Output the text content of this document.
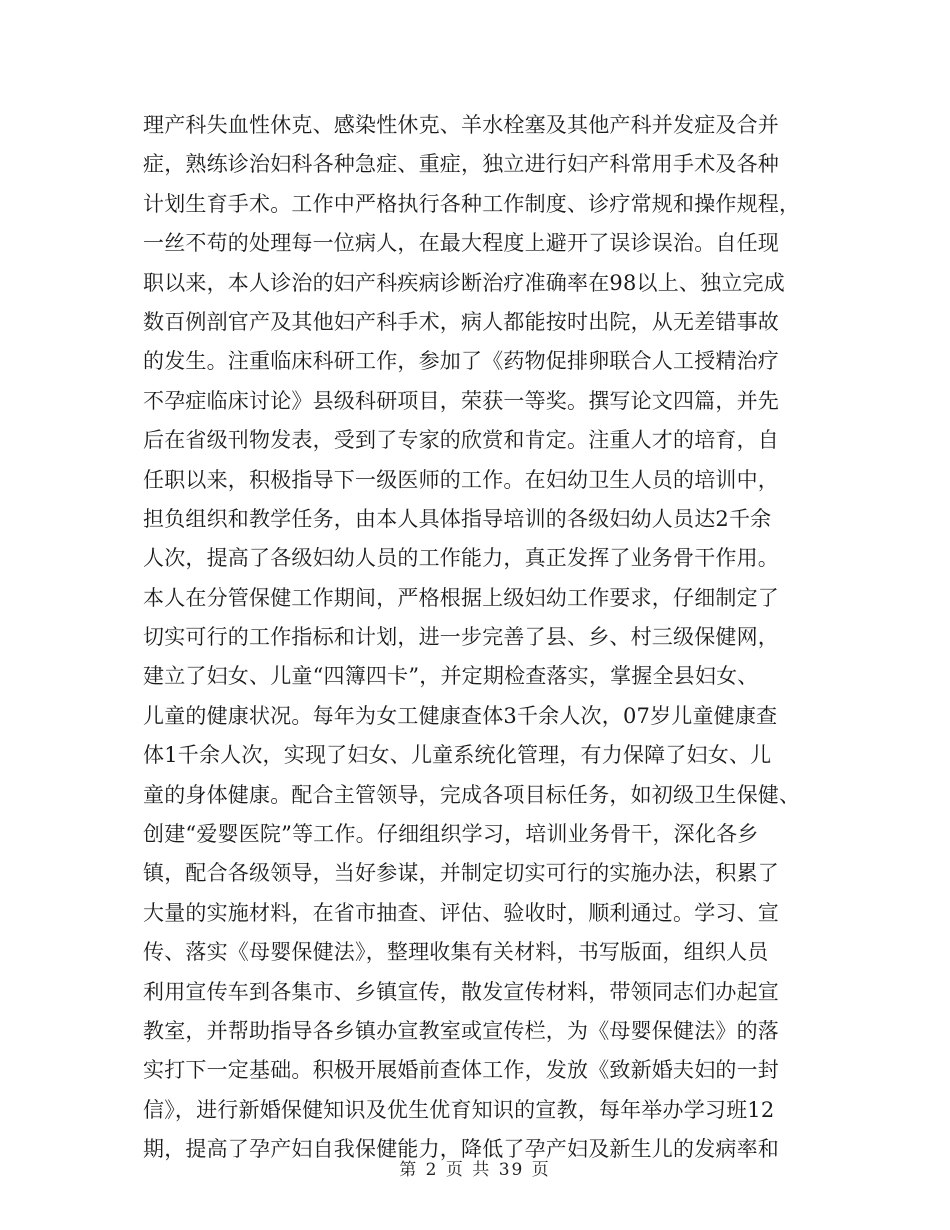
理产科失血性休克、感染性休克、羊水栓塞及其他产科并发症及合并
症，熟练诊治妇科各种急症、重症，独立进行妇产科常用手术及各种
计划生育手术。工作中严格执行各种工作制度、诊疗常规和操作规程，
一丝不苟的处理每一位病人，在最大程度上避开了误诊误治。自任现
职以来，本人诊治的妇产科疾病诊断治疗准确率在98以上、独立完成
数百例剖官产及其他妇产科手术，病人都能按时出院，从无差错事故
的发生。注重临床科研工作，参加了《药物促排卵联合人工授精治疗
不孕症临床讨论》县级科研项目，荣获一等奖。撰写论文四篇，并先
后在省级刊物发表，受到了专家的欣赏和肯定。注重人才的培育，自
任职以来，积极指导下一级医师的工作。在妇幼卫生人员的培训中，
担负组织和教学任务，由本人具体指导培训的各级妇幼人员达2千余
人次，提高了各级妇幼人员的工作能力，真正发挥了业务骨干作用。
本人在分管保健工作期间，严格根据上级妇幼工作要求，仔细制定了
切实可行的工作指标和计划，进一步完善了县、乡、村三级保健网，
建立了妇女、儿童“四簿四卡”，并定期检查落实，掌握全县妇女、
儿童的健康状况。每年为女工健康查体3千余人次，07岁儿童健康查
体1千余人次，实现了妇女、儿童系统化管理，有力保障了妇女、儿
童的身体健康。配合主管领导，完成各项目标任务，如初级卫生保健、
创建“爱婴医院”等工作。仔细组织学习，培训业务骨干，深化各乡
镇，配合各级领导，当好参谋，并制定切实可行的实施办法，积累了
大量的实施材料，在省市抽查、评估、验收时，顺利通过。学习、宣
传、落实《母婴保健法》，整理收集有关材料，书写版面，组织人员
利用宣传车到各集市、乡镇宣传，散发宣传材料，带领同志们办起宣
教室，并帮助指导各乡镇办宣教室或宣传栏，为《母婴保健法》的落
实打下一定基础。积极开展婚前查体工作，发放《致新婚夫妇的一封
信》，进行新婚保健知识及优生优育知识的宣教，每年举办学习班12
期，提高了孕产妇自我保健能力，降低了孕产妇及新生儿的发病率和
第 2 页 共 39 页
